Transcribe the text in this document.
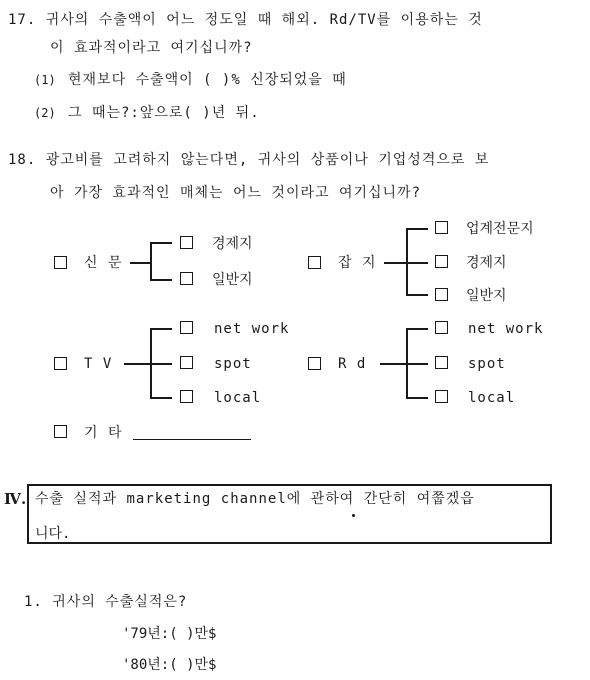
17. 귀사의 수출액이 어느 정도일 때 해외. Rd/TV를 이용하는 것
이 효과적이라고 여기십니까?
(1) 현재보다 수출액이 ( )% 신장되었을 때
(2) 그 때는?:앞으로( )년 뒤.
18. 광고비를 고려하지 않는다면, 귀사의 상품이나 기업성격으로 보
아 가장 효과적인 매체는 어느 것이라고 여기십니까?
신 문
경제지
일반지
잡 지
업계전문지
경제지
일반지
T V
net work
spot
local
R d
net work
spot
local
기 타
Ⅳ. 수출 실적과 marketing channel에 관하여 간단히 여쭙겠읍
니다.
1. 귀사의 수출실적은?
'79년:( )만$
'80년:( )만$
